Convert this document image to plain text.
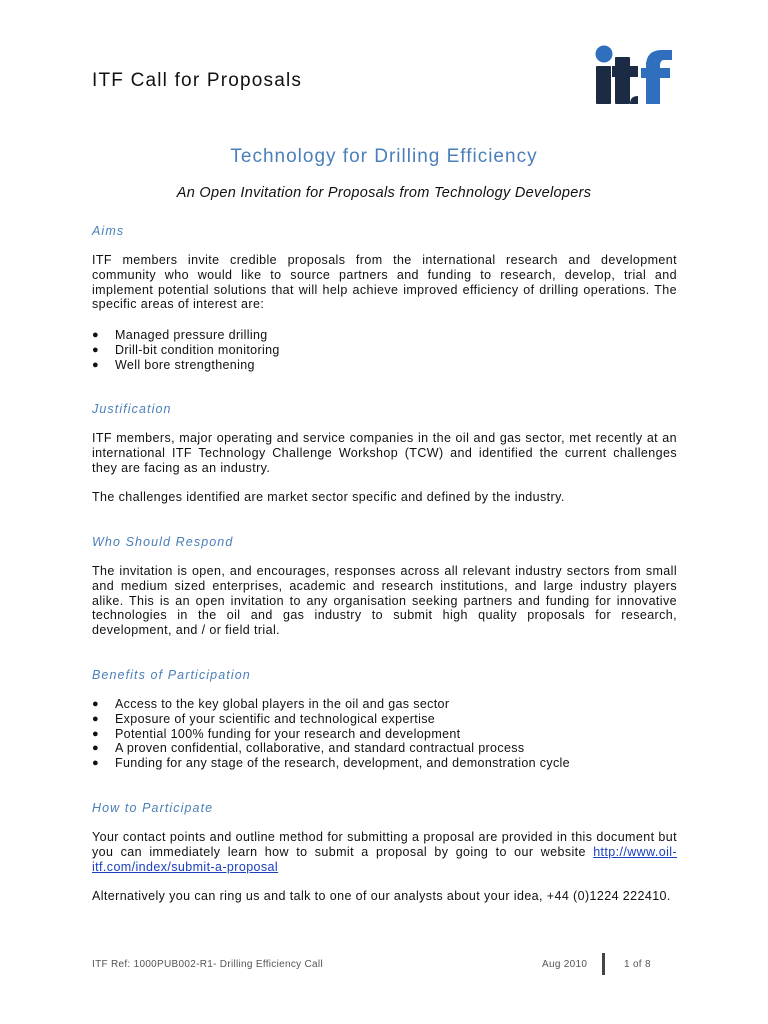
ITF Call for Proposals
Technology for Drilling Efficiency
An Open Invitation for Proposals from Technology Developers
Aims
ITF members invite credible proposals from the international research and development community who would like to source partners and funding to research, develop, trial and implement potential solutions that will help achieve improved efficiency of drilling operations. The specific areas of interest are:
● Managed pressure drilling
● Drill-bit condition monitoring
● Well bore strengthening
Justification
ITF members, major operating and service companies in the oil and gas sector, met recently at an international ITF Technology Challenge Workshop (TCW) and identified the current challenges they are facing as an industry.
The challenges identified are market sector specific and defined by the industry.
Who Should Respond
The invitation is open, and encourages, responses across all relevant industry sectors from small and medium sized enterprises, academic and research institutions, and large industry players alike. This is an open invitation to any organisation seeking partners and funding for innovative technologies in the oil and gas industry to submit high quality proposals for research, development, and / or field trial.
Benefits of Participation
● Access to the key global players in the oil and gas sector
● Exposure of your scientific and technological expertise
● Potential 100% funding for your research and development
● A proven confidential, collaborative, and standard contractual process
● Funding for any stage of the research, development, and demonstration cycle
How to Participate
Your contact points and outline method for submitting a proposal are provided in this document but you can immediately learn how to submit a proposal by going to our website http://www.oil-itf.com/index/submit-a-proposal
Alternatively you can ring us and talk to one of our analysts about your idea, +44 (0)1224 222410.
ITF Ref: 1000PUB002-R1- Drilling Efficiency Call	Aug 2010	1 of 8
